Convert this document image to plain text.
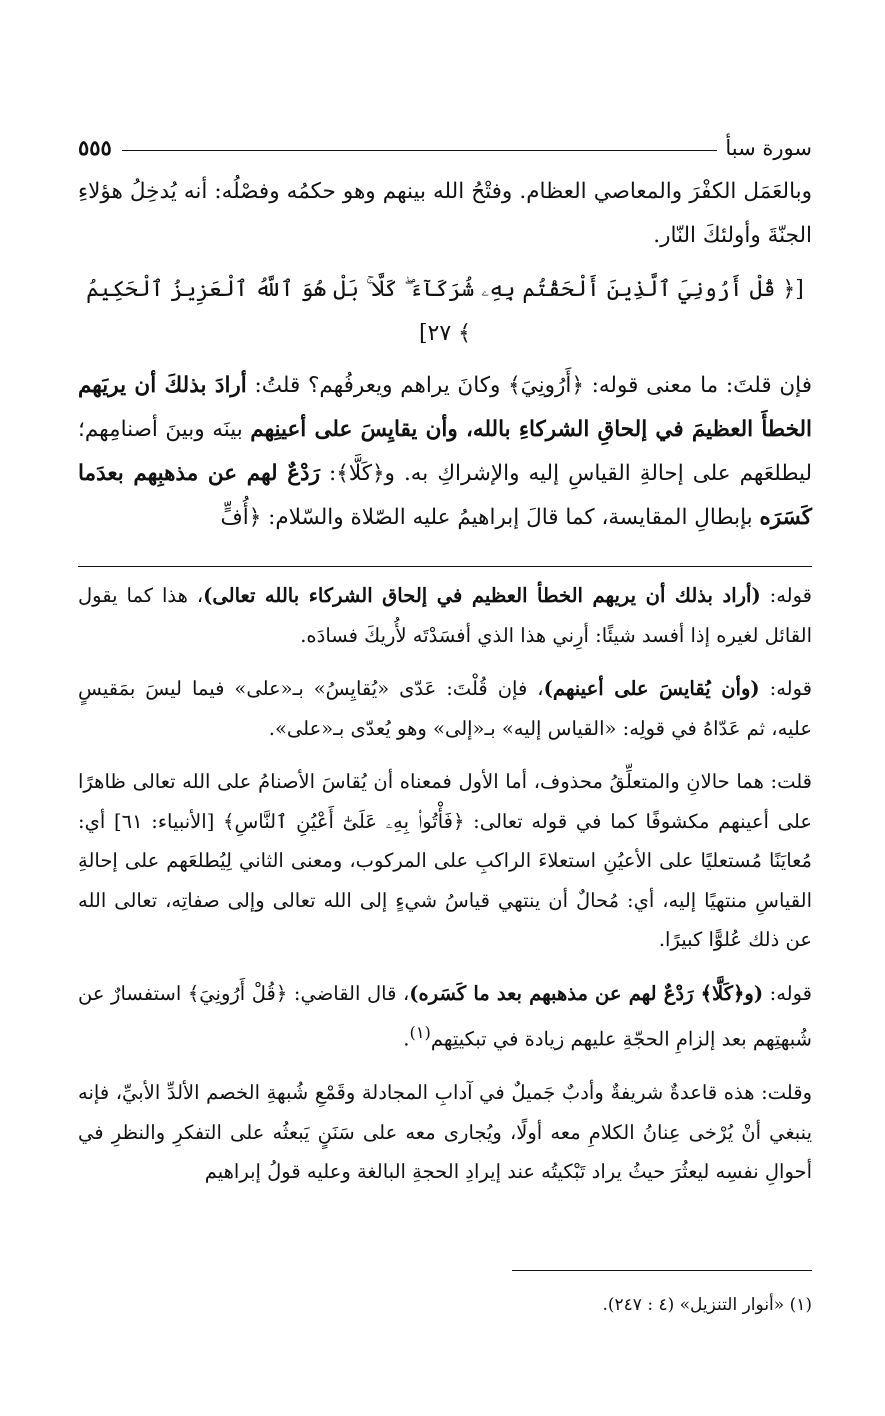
سورة سبأ
٥٥٥

وبالعَمَل الكفْرَ والمعاصي العظام. وفتْحُ الله بينهم وهو حكمُه وفصْلُه: أنه يُدخِلُ هؤلاءِ الجنّةَ وأولئكَ النّار.

[﴿ قُلْ أَرُونِيَ ٱلَّذِينَ أَلْحَقْتُم بِهِۦ شُرَكَآءَ ۖ كَلَّا ۚ بَلْ هُوَ ٱللَّهُ ٱلْعَزِيزُ ٱلْحَكِيمُ ﴾ ٢٧]

فإن قلتَ: ما معنى قوله: ﴿أَرُونِيَ﴾ وكانَ يراهم ويعرفُهم؟ قلتُ: أرادَ بذلكَ أن يريَهم الخطأَ العظيمَ في إلحاقِ الشركاءِ بالله، وأن يقايِسَ على أعينِهم بينَه وبينَ أصنامِهم؛ ليطلعَهم على إحالةِ القياسِ إليه والإشراكِ به. و﴿كَلَّا﴾: رَدْعٌ لهم عن مذهبِهم بعدَما كَسَرَه بإبطالِ المقايسة، كما قالَ إبراهيمُ عليه الصّلاة والسّلام: ﴿أُفٍّ

قوله: (أراد بذلك أن يريهم الخطأ العظيم في إلحاق الشركاء بالله تعالى)، هذا كما يقول القائل لغيره إذا أفسد شيئًا: أرِني هذا الذي أفسَدْتَه لأُريكَ فسادَه.

قوله: (وأن يُقايسَ على أعينهم)، فإن قُلْتَ: عَدّى «يُقايِسُ» بـ«على» فيما ليسَ بمَقيسٍ عليه، ثم عَدّاهُ في قولِه: «القياس إليه» بـ«إلى» وهو يُعدّى بـ«على».

قلت: هما حالانِ والمتعلِّقُ محذوف، أما الأول فمعناه أن يُقاسَ الأصنامُ على الله تعالى ظاهرًا على أعينهم مكشوفًا كما في قوله تعالى: ﴿فَأْتُوا۟ بِهِۦ عَلَىٰٓ أَعْيُنِ ٱلنَّاسِ﴾ [الأنبياء: ٦١] أي: مُعايَنًا مُستعليًا على الأعيُنِ استعلاءَ الراكبِ على المركوب، ومعنى الثاني لِيُطلعَهم على إحالةِ القياسِ منتهيًا إليه، أي: مُحالٌ أن ينتهي قياسُ شيءٍ إلى الله تعالى وإلى صفاتِه، تعالى الله عن ذلك عُلوًّا كبيرًا.

قوله: (و﴿كَلَّا﴾ رَدْعٌ لهم عن مذهبهم بعد ما كَسَره)، قال القاضي: ﴿قُلْ أَرُونِيَ﴾ استفسارٌ عن شُبهتِهم بعد إلزامِ الحجّةِ عليهم زيادة في تبكيتِهم$^{(١)}$.

وقلت: هذه قاعدةٌ شريفةٌ وأدبٌ جَميلٌ في آدابِ المجادلة وقَمْعِ شُبهةِ الخصم الألدِّ الأبيِّ، فإنه ينبغي أنْ يُرْخى عِنانُ الكلامِ معه أولًا، ويُجارى معه على سَنَنٍ يَبعثُه على التفكرِ والنظرِ في أحوالِ نفسِه ليعثُرَ حيثُ يراد تَبْكيتُه عند إيرادِ الحجةِ البالغة وعليه قولُ إبراهيم

(١) «أنوار التنزيل» (٤ : ٢٤٧).
